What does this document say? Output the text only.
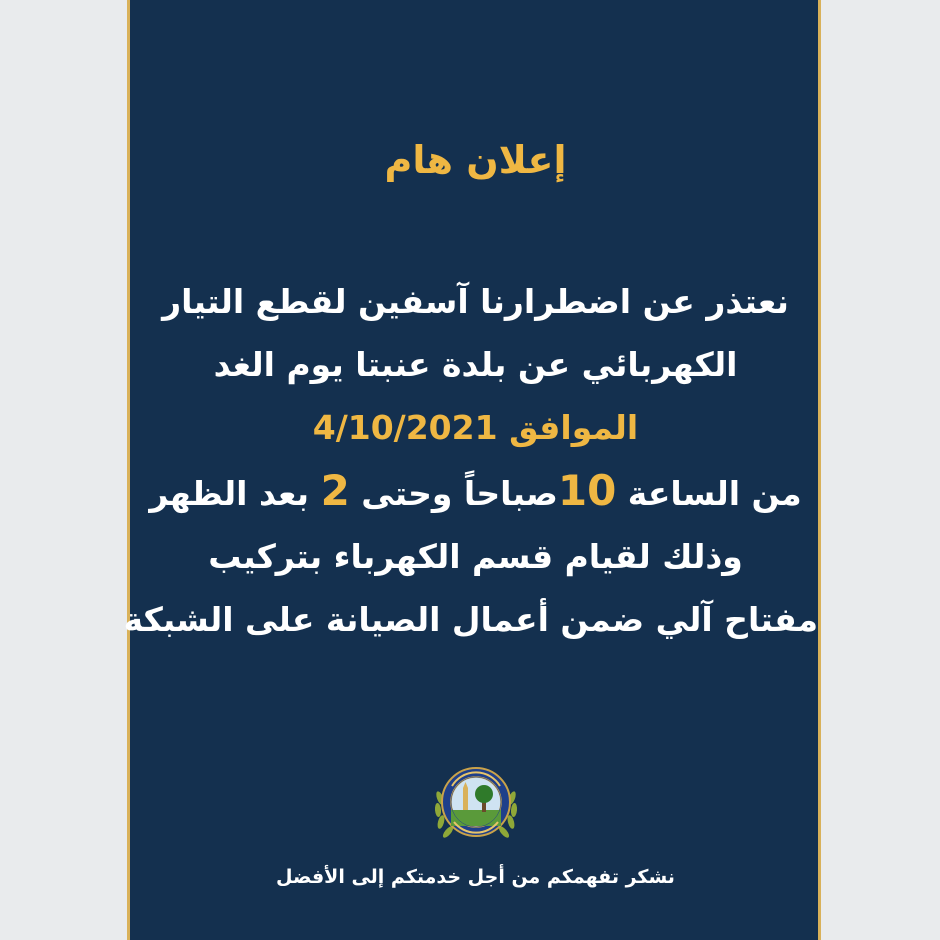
إعلان هام
نعتذر عن اضطرارنا آسفين لقطع التيار
الكهربائي عن بلدة عنبتا يوم الغد
الموافق 4/10/2021
من الساعة 10صباحاً وحتى 2 بعد الظهر
وذلك لقيام قسم الكهرباء بتركيب
مفتاح آلي ضمن أعمال الصيانة على الشبكة
نشكر تفهمكم من أجل خدمتكم إلى الأفضل
